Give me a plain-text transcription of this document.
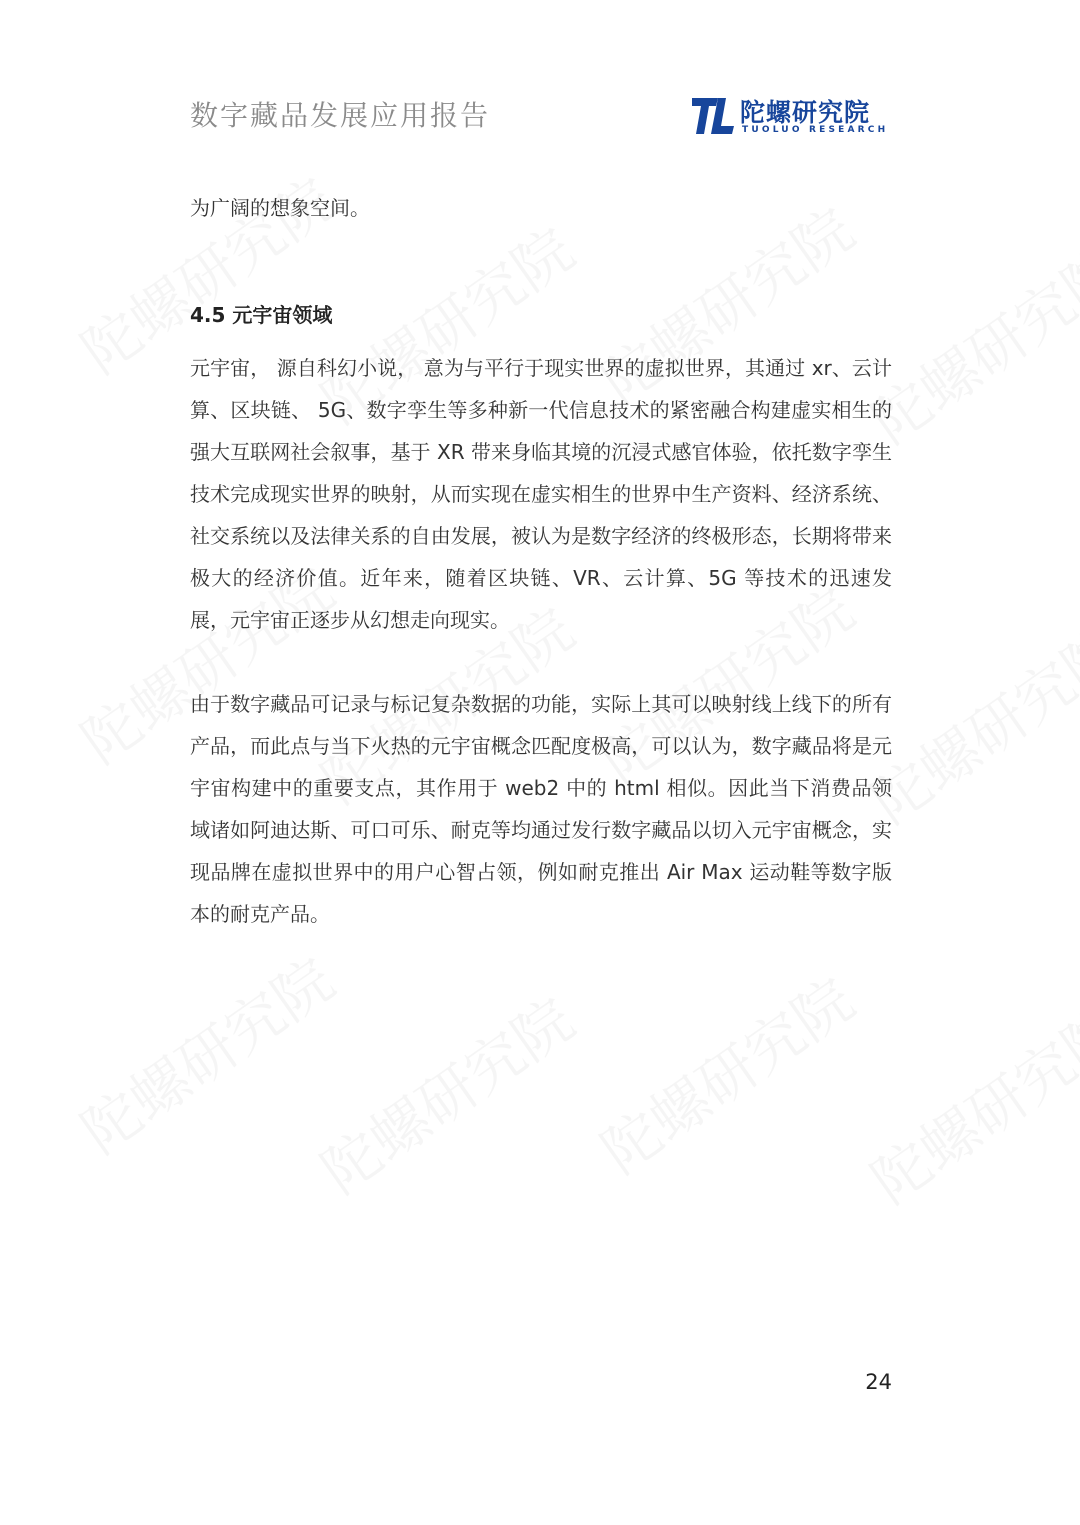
数字藏品发展应用报告	陀螺研究院
TUOLUO RESEARCH

为广阔的想象空间。

4.5 元宇宙领域

元宇宙， 源自科幻小说， 意为与平行于现实世界的虚拟世界，其通过 xr、云计算、区块链、 5G、数字孪生等多种新一代信息技术的紧密融合构建虚实相生的强大互联网社会叙事，基于 XR 带来身临其境的沉浸式感官体验，依托数字孪生技术完成现实世界的映射，从而实现在虚实相生的世界中生产资料、经济系统、社交系统以及法律关系的自由发展，被认为是数字经济的终极形态，长期将带来极大的经济价值。近年来，随着区块链、VR、云计算、5G 等技术的迅速发展，元宇宙正逐步从幻想走向现实。

由于数字藏品可记录与标记复杂数据的功能，实际上其可以映射线上线下的所有产品，而此点与当下火热的元宇宙概念匹配度极高，可以认为，数字藏品将是元宇宙构建中的重要支点，其作用于 web2 中的 html 相似。因此当下消费品领域诸如阿迪达斯、可口可乐、耐克等均通过发行数字藏品以切入元宇宙概念，实现品牌在虚拟世界中的用户心智占领，例如耐克推出 Air Max 运动鞋等数字版本的耐克产品。

24
